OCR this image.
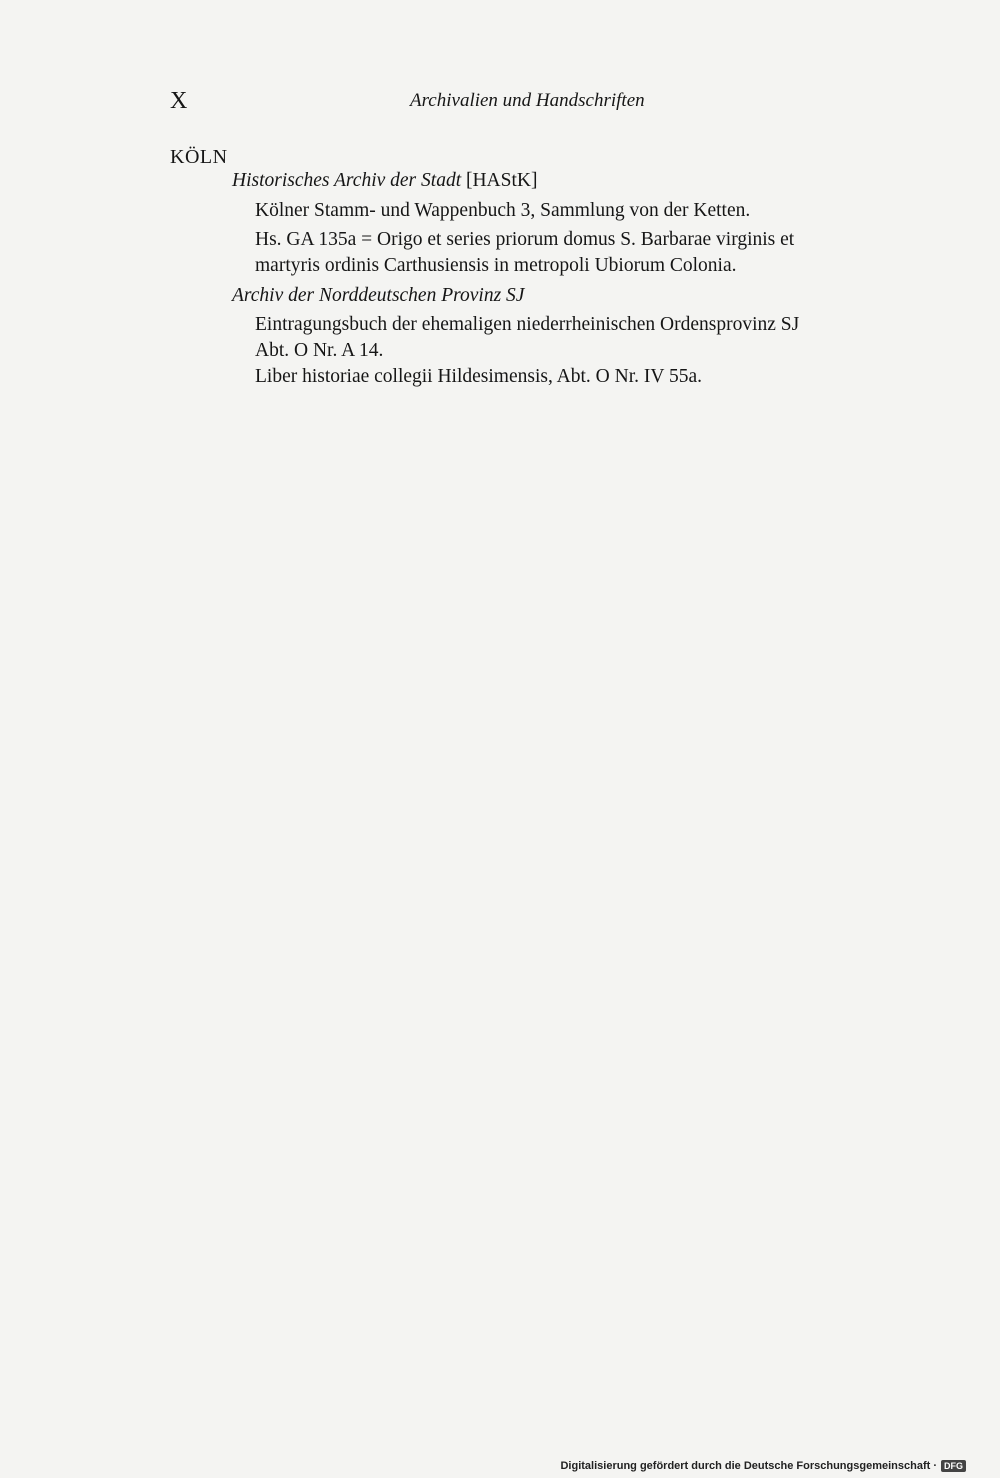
X	Archivalien und Handschriften
KÖLN
Historisches Archiv der Stadt [HAStK]
Kölner Stamm- und Wappenbuch 3, Sammlung von der Ketten.
Hs. GA 135a = Origo et series priorum domus S. Barbarae virginis et
martyris ordinis Carthusiensis in metropoli Ubiorum Colonia.
Archiv der Norddeutschen Provinz SJ
Eintragungsbuch der ehemaligen niederrheinischen Ordensprovinz SJ
Abt. O Nr. A 14.
Liber historiae collegii Hildesimensis, Abt. O Nr. IV 55a.
Digitalisierung gefördert durch die Deutsche Forschungsgemeinschaft · DFG
